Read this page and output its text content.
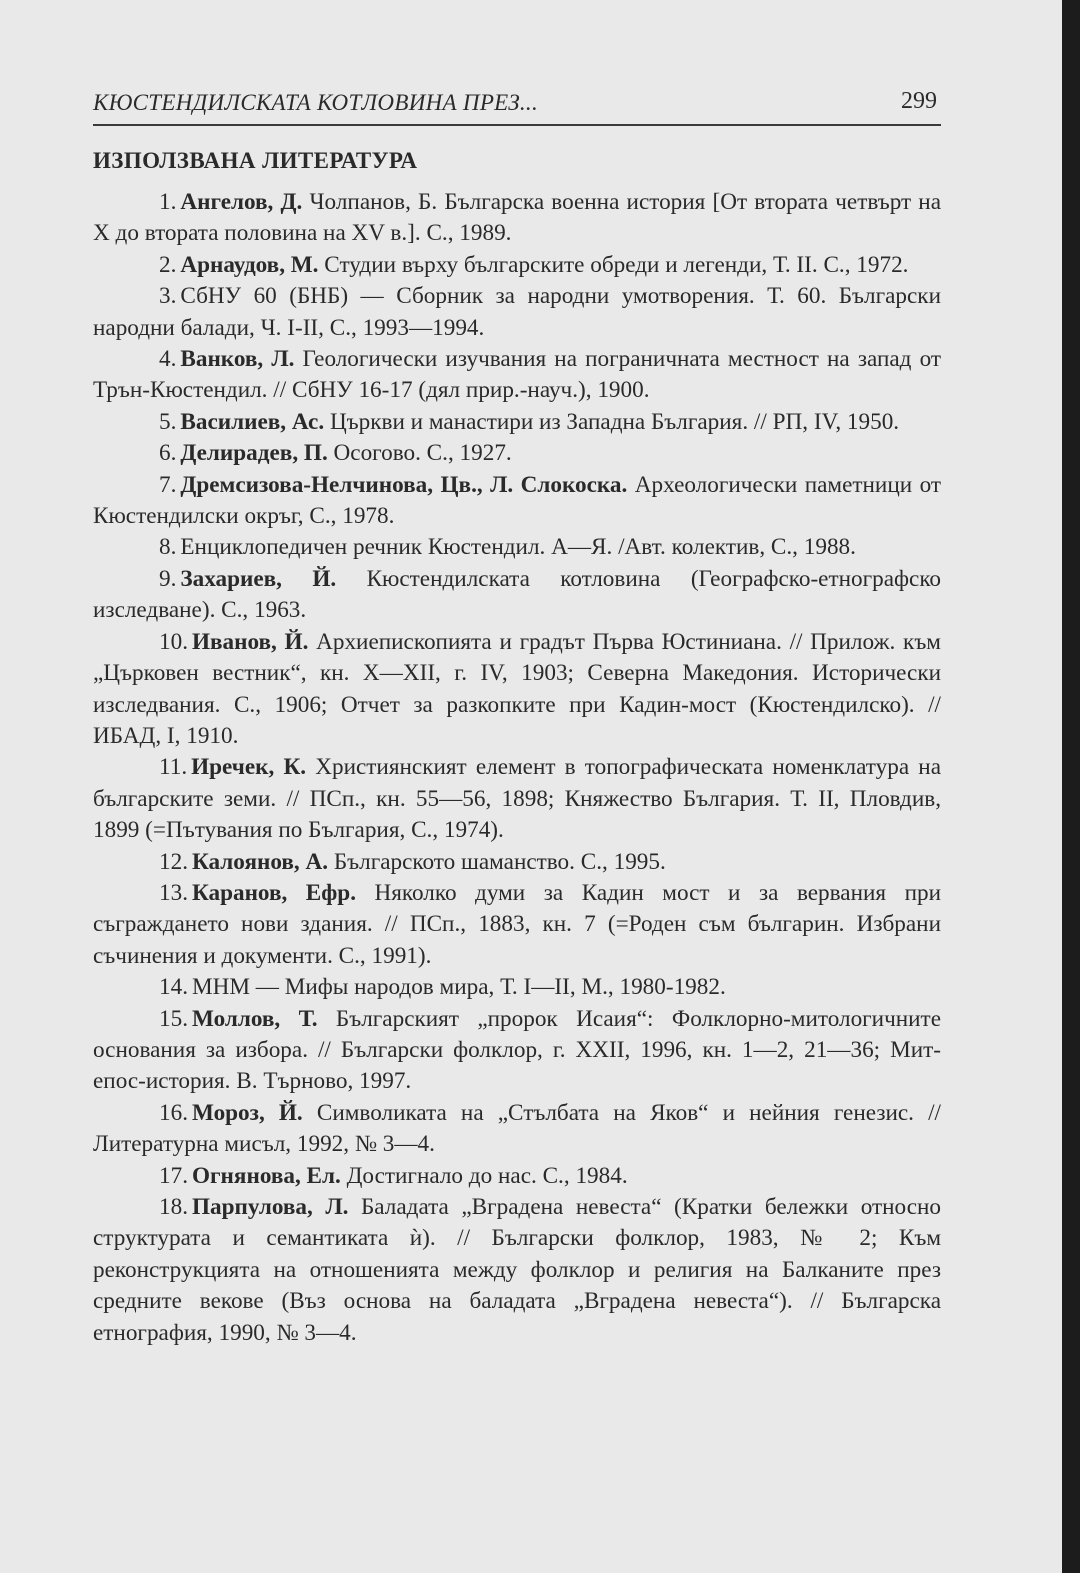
КЮСТЕНДИЛСКАТА КОТЛОВИНА ПРЕЗ...	299
ИЗПОЛЗВАНА ЛИТЕРАТУРА

1. Ангелов, Д. Чолпанов, Б. Българска военна история [От втората четвърт на X до втората половина на XV в.]. С., 1989.

2. Арнаудов, М. Студии върху българските обреди и легенди, Т. II. С., 1972.

3. СбНУ 60 (БНБ) — Сборник за народни умотворения. Т. 60. Български народни балади, Ч. I-II, С., 1993—1994.

4. Ванков, Л. Геологически изучвания на пограничната местност на запад от Трън-Кюстендил. // СбНУ 16-17 (дял прир.-науч.), 1900.

5. Василиев, Ас. Църкви и манастири из Западна България. // РП, IV, 1950.

6. Делирадев, П. Осогово. С., 1927.

7. Дремсизова-Нелчинова, Цв., Л. Слокоска. Археологически паметници от Кюстендилски окръг, С., 1978.

8. Енциклопедичен речник Кюстендил. А—Я. /Авт. колектив, С., 1988.

9. Захариев, Й. Кюстендилската котловина (Географско-етнографско изследване). С., 1963.

10. Иванов, Й. Архиепископията и градът Първа Юстиниана. // Прилож. към „Църковен вестник“, кн. X—XII, г. IV, 1903; Северна Македония. Исторически изследвания. С., 1906; Отчет за разкопките при Кадин-мост (Кюстендилско). // ИБАД, I, 1910.

11. Иречек, К. Християнският елемент в топографическата номенклатура на българските земи. // ПСп., кн. 55—56, 1898; Княжество България. Т. II, Пловдив, 1899 (=Пътувания по България, С., 1974).

12. Калоянов, А. Българското шаманство. С., 1995.

13. Каранов, Ефр. Няколко думи за Кадин мост и за вервания при съграждането нови здания. // ПСп., 1883, кн. 7 (=Роден съм българин. Избрани съчинения и документи. С., 1991).

14. МНМ — Мифы народов мира, Т. I—II, М., 1980-1982.

15. Моллов, Т. Българският „пророк Исаия“: Фолклорно-митологичните основания за избора. // Български фолклор, г. XXII, 1996, кн. 1—2, 21—36; Мит-епос-история. В. Търново, 1997.

16. Мороз, Й. Символиката на „Стълбата на Яков“ и нейния генезис. // Литературна мисъл, 1992, № 3—4.

17. Огнянова, Ел. Достигнало до нас. С., 1984.

18. Парпулова, Л. Баладата „Вградена невеста“ (Кратки бележки относно структурата и семантиката ѝ). // Български фолклор, 1983, № 2; Към реконструкцията на отношенията между фолклор и религия на Балканите през средните векове (Въз основа на баладата „Вградена невеста“). // Българска етнография, 1990, № 3—4.
